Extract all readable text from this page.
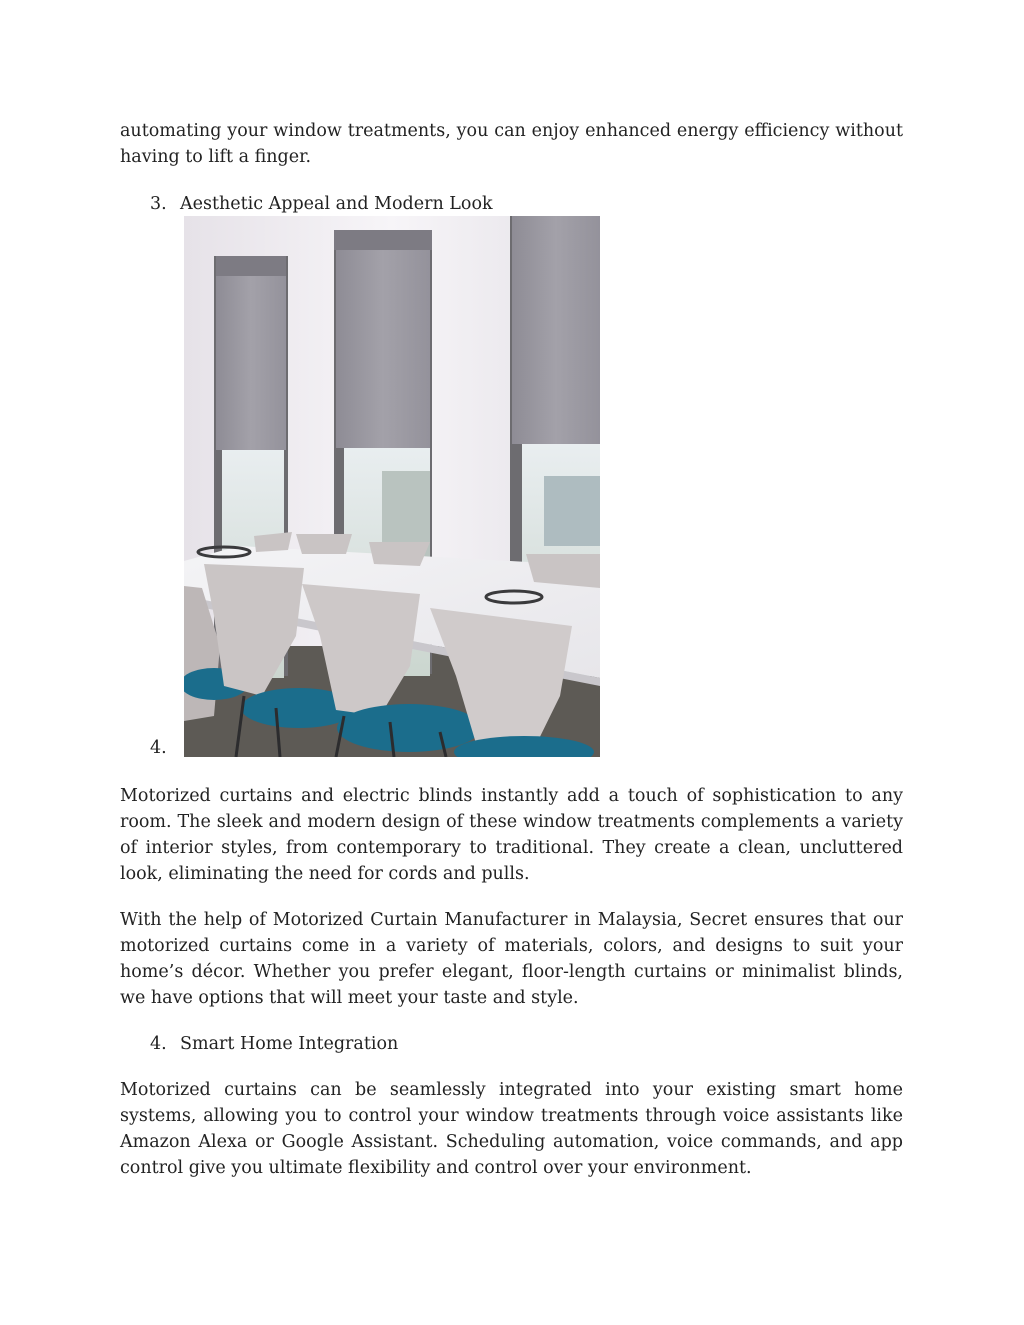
automating your window treatments, you can enjoy enhanced energy efficiency without having to lift a finger.

3. Aesthetic Appeal and Modern Look
4.

Motorized curtains and electric blinds instantly add a touch of sophistication to any room. The sleek and modern design of these window treatments complements a variety of interior styles, from contemporary to traditional. They create a clean, uncluttered look, eliminating the need for cords and pulls.

With the help of Motorized Curtain Manufacturer in Malaysia, Secret ensures that our motorized curtains come in a variety of materials, colors, and designs to suit your home’s décor. Whether you prefer elegant, floor-length curtains or minimalist blinds, we have options that will meet your taste and style.

4. Smart Home Integration

Motorized curtains can be seamlessly integrated into your existing smart home systems, allowing you to control your window treatments through voice assistants like Amazon Alexa or Google Assistant. Scheduling automation, voice commands, and app control give you ultimate flexibility and control over your environment.
